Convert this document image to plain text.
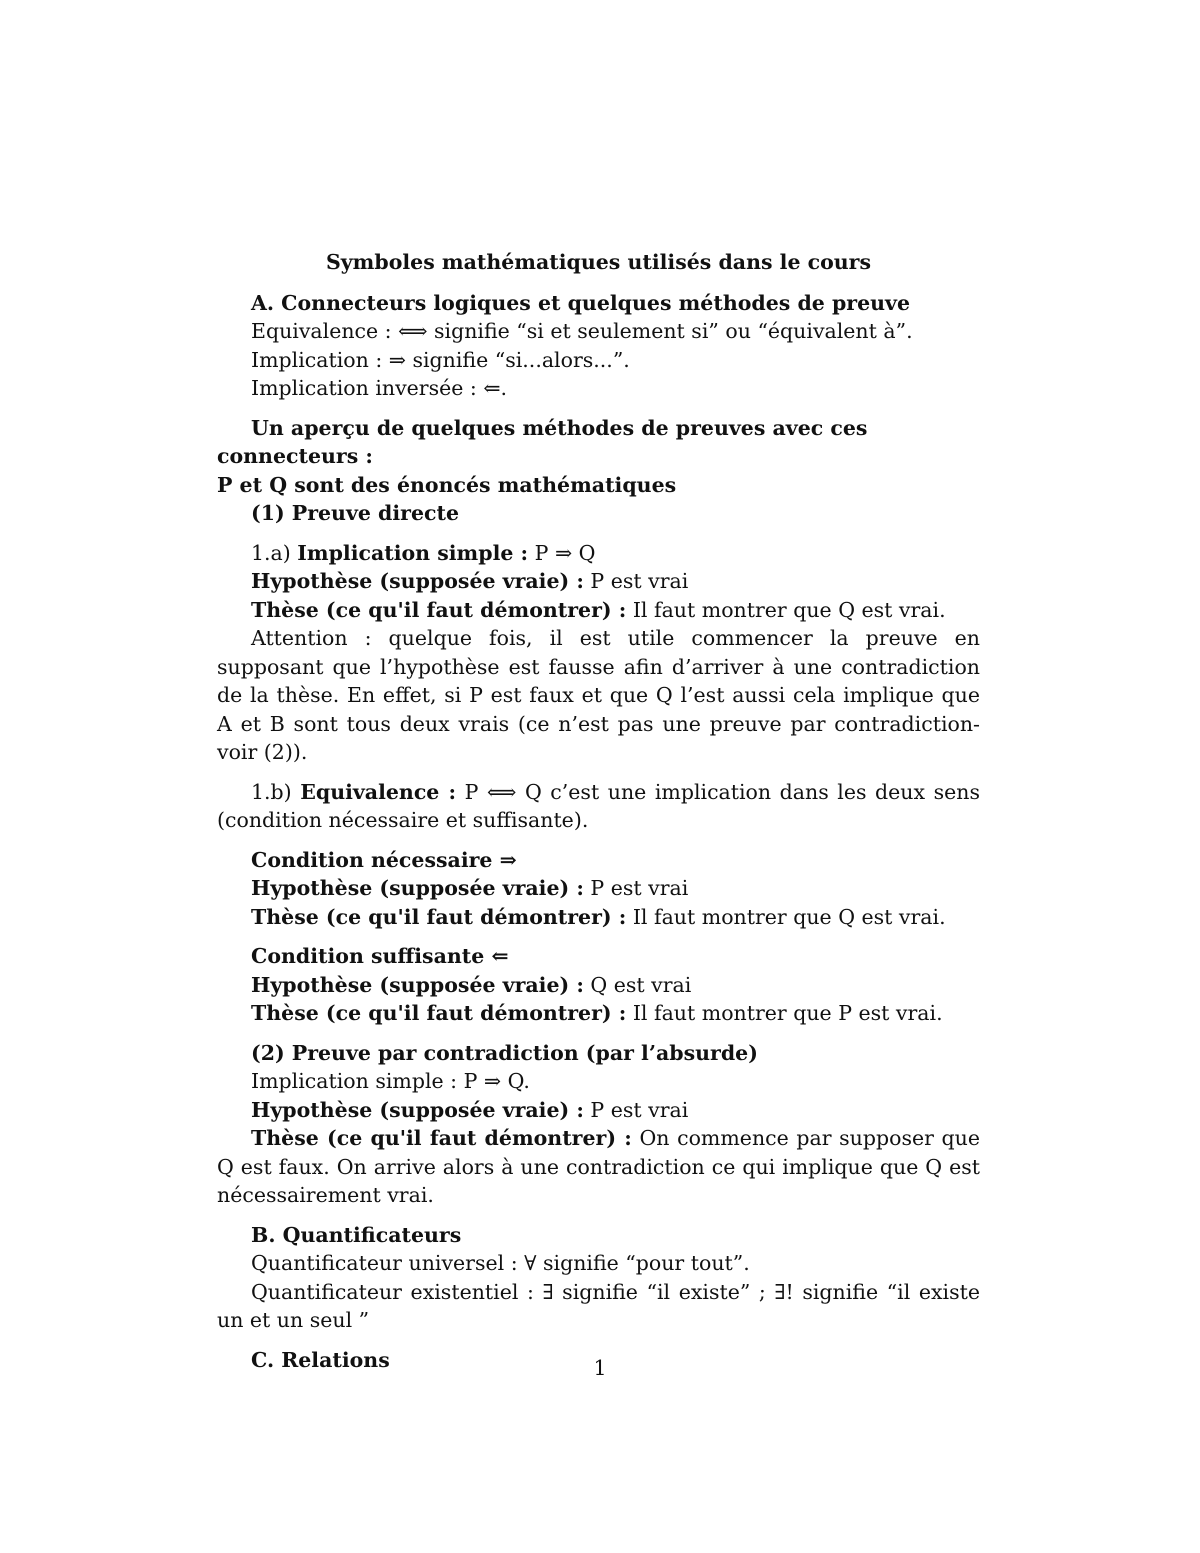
Symboles mathématiques utilisés dans le cours

A. Connecteurs logiques et quelques méthodes de preuve

Equivalence : ⟺ signifie “si et seulement si” ou “équivalent à”.

Implication : ⇒ signifie “si...alors...”.

Implication inversée : ⇐.

Un aperçu de quelques méthodes de preuves avec ces connecteurs :

P et Q sont des énoncés mathématiques

(1) Preuve directe

1.a) Implication simple : P ⇒ Q

Hypothèse (supposée vraie) : P est vrai

Thèse (ce qu'il faut démontrer) : Il faut montrer que Q est vrai.

Attention : quelque fois, il est utile commencer la preuve en supposant que l’hypothèse est fausse afin d’arriver à une contradiction de la thèse. En effet, si P est faux et que Q l’est aussi cela implique que A et B sont tous deux vrais (ce n’est pas une preuve par contradiction- voir (2)).

1.b) Equivalence : P ⟺ Q c’est une implication dans les deux sens (condition nécessaire et suffisante).

Condition nécessaire ⇒

Hypothèse (supposée vraie) : P est vrai

Thèse (ce qu'il faut démontrer) : Il faut montrer que Q est vrai.

Condition suffisante ⇐

Hypothèse (supposée vraie) : Q est vrai

Thèse (ce qu'il faut démontrer) : Il faut montrer que P est vrai.

(2) Preuve par contradiction (par l’absurde)

Implication simple : P ⇒ Q.

Hypothèse (supposée vraie) : P est vrai

Thèse (ce qu'il faut démontrer) : On commence par supposer que Q est faux. On arrive alors à une contradiction ce qui implique que Q est nécessairement vrai.

B. Quantificateurs

Quantificateur universel : ∀ signifie “pour tout”.

Quantificateur existentiel : ∃ signifie “il existe” ; ∃! signifie “il existe un et un seul ”

C. Relations	1
